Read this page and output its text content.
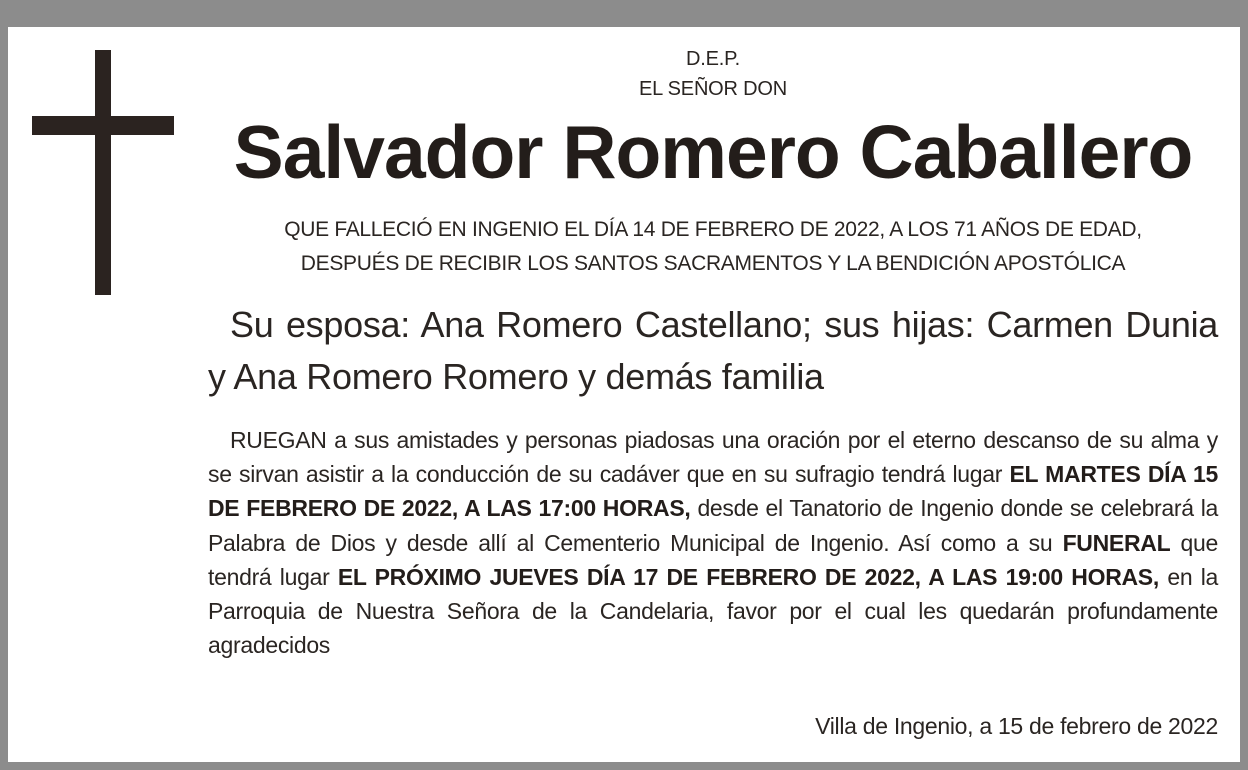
D.E.P.
EL SEÑOR DON
Salvador Romero Caballero
QUE FALLECIÓ EN INGENIO EL DÍA 14 DE FEBRERO DE 2022, A LOS 71 AÑOS DE EDAD,
DESPUÉS DE RECIBIR LOS SANTOS SACRAMENTOS Y LA BENDICIÓN APOSTÓLICA
Su esposa: Ana Romero Castellano; sus hijas: Carmen Dunia y Ana Romero Romero y demás familia
RUEGAN a sus amistades y personas piadosas una oración por el eterno descanso de su alma y se sirvan asistir a la conducción de su cadáver que en su sufragio tendrá lugar EL MARTES DÍA 15 DE FEBRERO DE 2022, A LAS 17:00 HORAS, desde el Tanatorio de Ingenio donde se celebrará la Palabra de Dios y desde allí al Cementerio Municipal de Ingenio. Así como a su FUNERAL que tendrá lugar EL PRÓXIMO JUEVES DÍA 17 DE FEBRERO DE 2022, A LAS 19:00 HORAS, en la Parroquia de Nuestra Señora de la Candelaria, favor por el cual les quedarán profundamente agradecidos
Villa de Ingenio, a 15 de febrero de 2022
